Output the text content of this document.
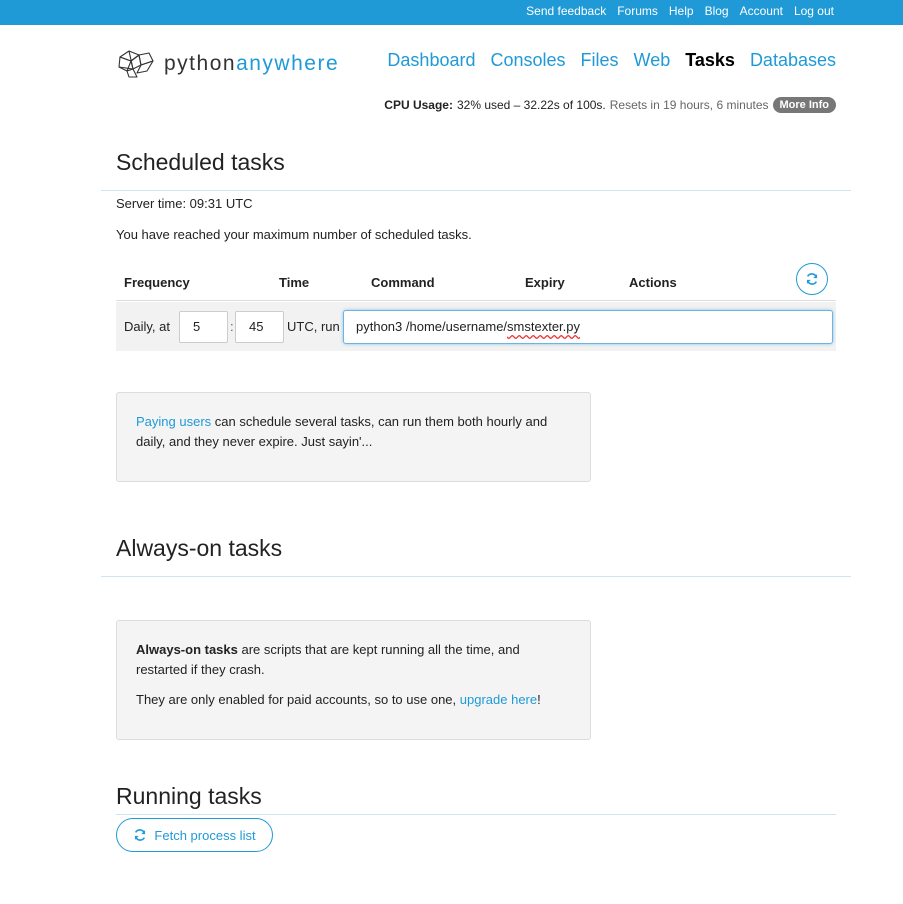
Send feedback Forums Help Blog Account Log out
pythonanywhere	Dashboard Consoles Files Web Tasks Databases
CPU Usage: 32% used – 32.22s of 100s. Resets in 19 hours, 6 minutes	More Info
Scheduled tasks
Server time: 09:31 UTC
You have reached your maximum number of scheduled tasks.
Frequency	Time	Command	Expiry	Actions
Daily, at	5	:	45	UTC, run	python3 /home/username/smstexter.py

Paying users can schedule several tasks, can run them both hourly and daily, and they never expire. Just sayin'...

Always-on tasks

Always-on tasks are scripts that are kept running all the time, and restarted if they crash.

They are only enabled for paid accounts, so to use one, upgrade here!

Running tasks
Fetch process list
